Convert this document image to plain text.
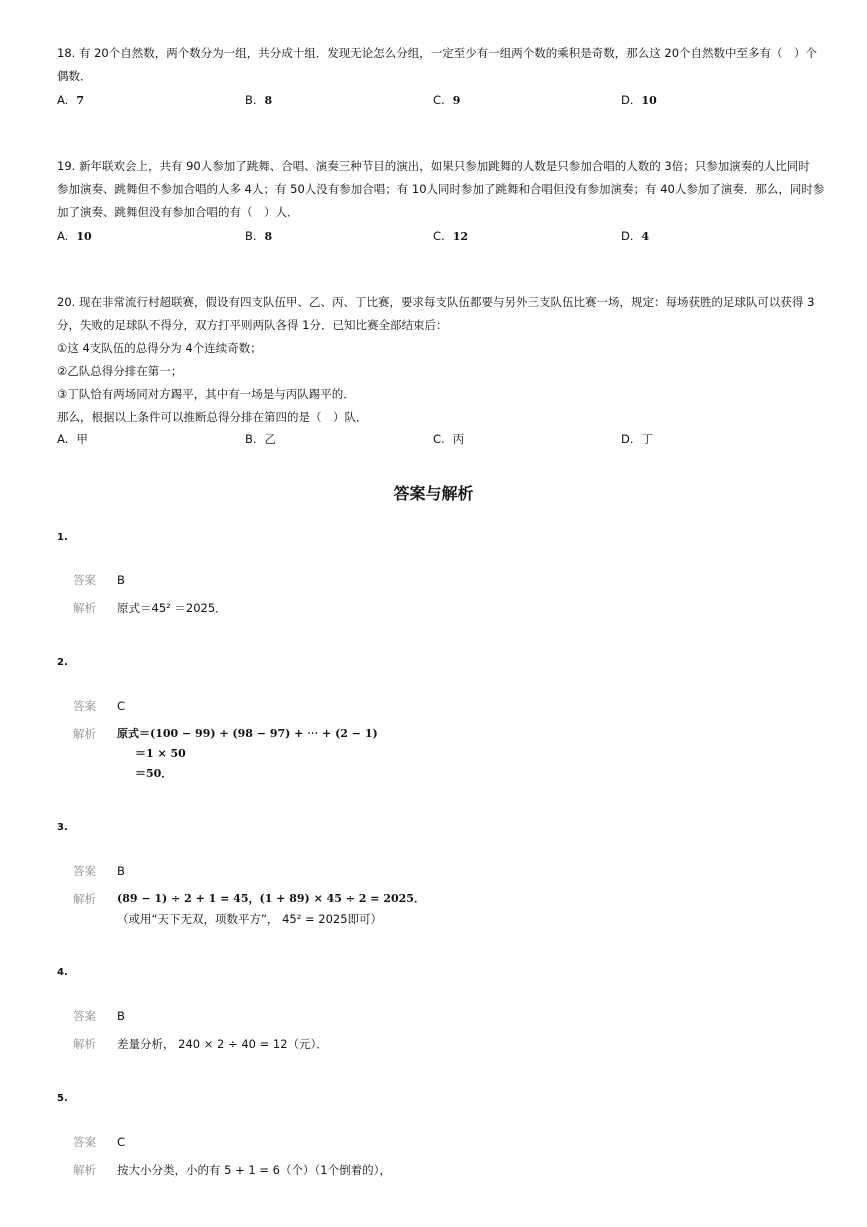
18. 有 20个自然数，两个数分为一组，共分成十组．发现无论怎么分组，一定至少有一组两个数的乘积是奇数，那么这 20个自然数中至多有（　）个
偶数．
A. 7	B. 8	C. 9	D. 10
19. 新年联欢会上，共有 90人参加了跳舞、合唱、演奏三种节目的演出，如果只参加跳舞的人数是只参加合唱的人数的 3倍；只参加演奏的人比同时
参加演奏、跳舞但不参加合唱的人多 4人；有 50人没有参加合唱；有 10人同时参加了跳舞和合唱但没有参加演奏；有 40人参加了演奏．那么，同时参
加了演奏、跳舞但没有参加合唱的有（　）人．
A. 10	B. 8	C. 12	D. 4
20. 现在非常流行村超联赛，假设有四支队伍甲、乙、丙、丁比赛，要求每支队伍都要与另外三支队伍比赛一场，规定：每场获胜的足球队可以获得 3
分，失败的足球队不得分，双方打平则两队各得 1分．已知比赛全部结束后：
①这 4支队伍的总得分为 4个连续奇数；
②乙队总得分排在第一；
③丁队恰有两场同对方踢平，其中有一场是与丙队踢平的．
那么，根据以上条件可以推断总得分排在第四的是（　）队．
A. 甲	B. 乙	C. 丙	D. 丁
答案与解析
1.
答案 B
解析 原式＝45² ＝2025．
2.
答案 C
解析 原式＝(100 − 99) + (98 − 97) + ⋯ + (2 − 1)
＝1 × 50
＝50．
3.
答案 B
解析 (89 − 1) ÷ 2 + 1 = 45，(1 + 89) × 45 ÷ 2 = 2025．
（或用“天下无双，项数平方”， 45² = 2025即可）
4.
答案 B
解析 差量分析， 240 × 2 ÷ 40 = 12（元）．
5.
答案 C
解析 按大小分类，小的有 5 + 1 = 6（个）（1个倒着的），
